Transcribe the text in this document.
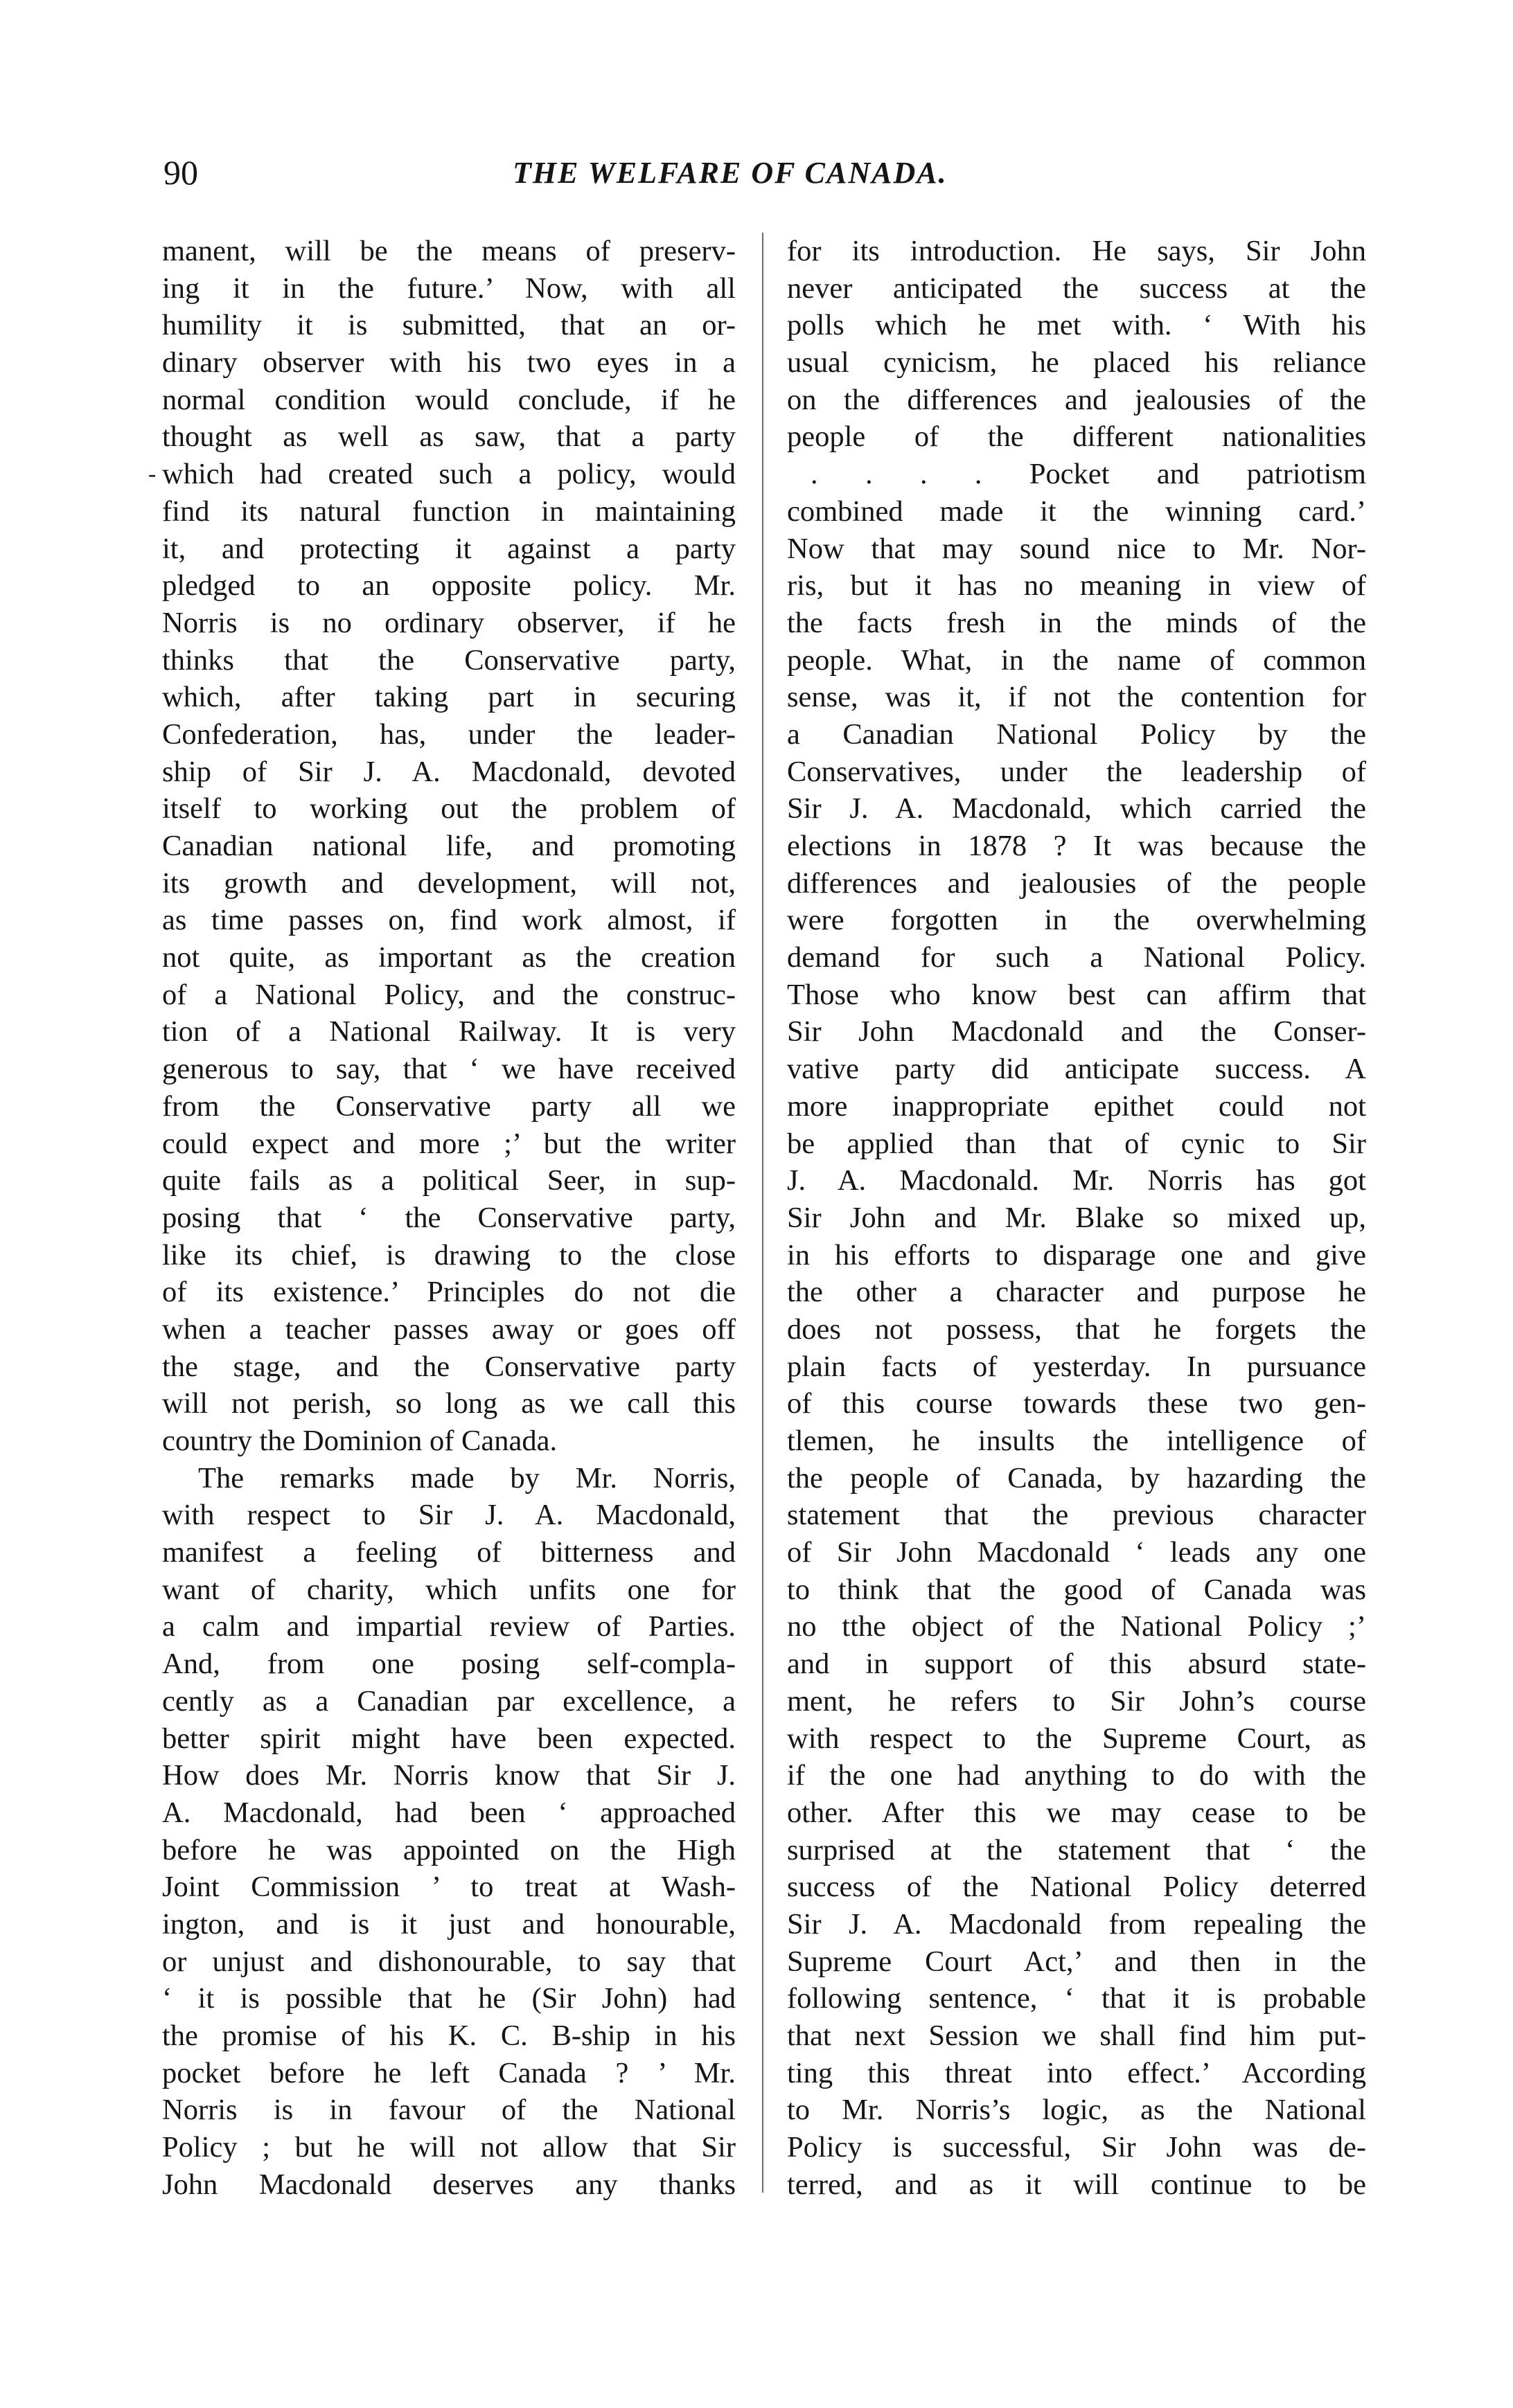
90	THE WELFARE OF CANADA.
-
manent, will be the means of preserv-
ing it in the future.’ Now, with all
humility it is submitted, that an or-
dinary observer with his two eyes in a
normal condition would conclude, if he
thought as well as saw, that a party
which had created such a policy, would
find its natural function in maintaining
it, and protecting it against a party
pledged to an opposite policy. Mr.
Norris is no ordinary observer, if he
thinks that the Conservative party,
which, after taking part in securing
Confederation, has, under the leader-
ship of Sir J. A. Macdonald, devoted
itself to working out the problem of
Canadian national life, and promoting
its growth and development, will not,
as time passes on, find work almost, if
not quite, as important as the creation
of a National Policy, and the construc-
tion of a National Railway. It is very
generous to say, that ‘ we have received
from the Conservative party all we
could expect and more ;’ but the writer
quite fails as a political Seer, in sup-
posing that ‘ the Conservative party,
like its chief, is drawing to the close
of its existence.’ Principles do not die
when a teacher passes away or goes off
the stage, and the Conservative party
will not perish, so long as we call this
country the Dominion of Canada.
The remarks made by Mr. Norris,
with respect to Sir J. A. Macdonald,
manifest a feeling of bitterness and
want of charity, which unfits one for
a calm and impartial review of Parties.
And, from one posing self-compla-
cently as a Canadian par excellence, a
better spirit might have been expected.
How does Mr. Norris know that Sir J.
A. Macdonald, had been ‘ approached
before he was appointed on the High
Joint Commission ’ to treat at Wash-
ington, and is it just and honourable,
or unjust and dishonourable, to say that
‘ it is possible that he (Sir John) had
the promise of his K. C. B-ship in his
pocket before he left Canada ? ’ Mr.
Norris is in favour of the National
Policy ; but he will not allow that Sir
John Macdonald deserves any thanks
for its introduction. He says, Sir John
never anticipated the success at the
polls which he met with. ‘ With his
usual cynicism, he placed his reliance
on the differences and jealousies of the
people of the different nationalities
. . . . Pocket and patriotism
combined made it the winning card.’
Now that may sound nice to Mr. Nor-
ris, but it has no meaning in view of
the facts fresh in the minds of the
people. What, in the name of common
sense, was it, if not the contention for
a Canadian National Policy by the
Conservatives, under the leadership of
Sir J. A. Macdonald, which carried the
elections in 1878 ? It was because the
differences and jealousies of the people
were forgotten in the overwhelming
demand for such a National Policy.
Those who know best can affirm that
Sir John Macdonald and the Conser-
vative party did anticipate success. A
more inappropriate epithet could not
be applied than that of cynic to Sir
J. A. Macdonald. Mr. Norris has got
Sir John and Mr. Blake so mixed up,
in his efforts to disparage one and give
the other a character and purpose he
does not possess, that he forgets the
plain facts of yesterday. In pursuance
of this course towards these two gen-
tlemen, he insults the intelligence of
the people of Canada, by hazarding the
statement that the previous character
of Sir John Macdonald ‘ leads any one
to think that the good of Canada was
no tthe object of the National Policy ;’
and in support of this absurd state-
ment, he refers to Sir John’s course
with respect to the Supreme Court, as
if the one had anything to do with the
other. After this we may cease to be
surprised at the statement that ‘ the
success of the National Policy deterred
Sir J. A. Macdonald from repealing the
Supreme Court Act,’ and then in the
following sentence, ‘ that it is probable
that next Session we shall find him put-
ting this threat into effect.’ According
to Mr. Norris’s logic, as the National
Policy is successful, Sir John was de-
terred, and as it will continue to be
